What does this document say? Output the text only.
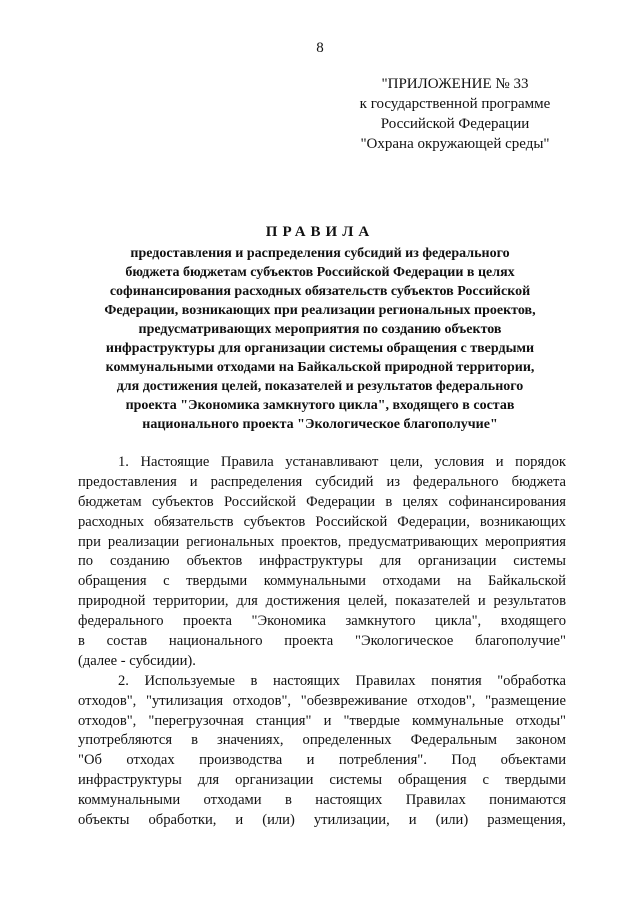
8
"ПРИЛОЖЕНИЕ № 33
к государственной программе
Российской Федерации
"Охрана окружающей среды"
ПРАВИЛА
предоставления и распределения субсидий из федерального
бюджета бюджетам субъектов Российской Федерации в целях
софинансирования расходных обязательств субъектов Российской
Федерации, возникающих при реализации региональных проектов,
предусматривающих мероприятия по созданию объектов
инфраструктуры для организации системы обращения с твердыми
коммунальными отходами на Байкальской природной территории,
для достижения целей, показателей и результатов федерального
проекта "Экономика замкнутого цикла", входящего в состав
национального проекта "Экологическое благополучие"
1. Настоящие Правила устанавливают цели, условия и порядок
предоставления и распределения субсидий из федерального бюджета
бюджетам субъектов Российской Федерации в целях софинансирования
расходных обязательств субъектов Российской Федерации, возникающих
при реализации региональных проектов, предусматривающих мероприятия
по созданию объектов инфраструктуры для организации системы
обращения с твердыми коммунальными отходами на Байкальской
природной территории, для достижения целей, показателей и результатов
федерального проекта "Экономика замкнутого цикла", входящего
в состав национального проекта "Экологическое благополучие"
(далее - субсидии).
2. Используемые в настоящих Правилах понятия "обработка
отходов", "утилизация отходов", "обезвреживание отходов", "размещение
отходов", "перегрузочная станция" и "твердые коммунальные отходы"
употребляются в значениях, определенных Федеральным законом
"Об отходах производства и потребления". Под объектами
инфраструктуры для организации системы обращения с твердыми
коммунальными отходами в настоящих Правилах понимаются
объекты обработки, и (или) утилизации, и (или) размещения,
